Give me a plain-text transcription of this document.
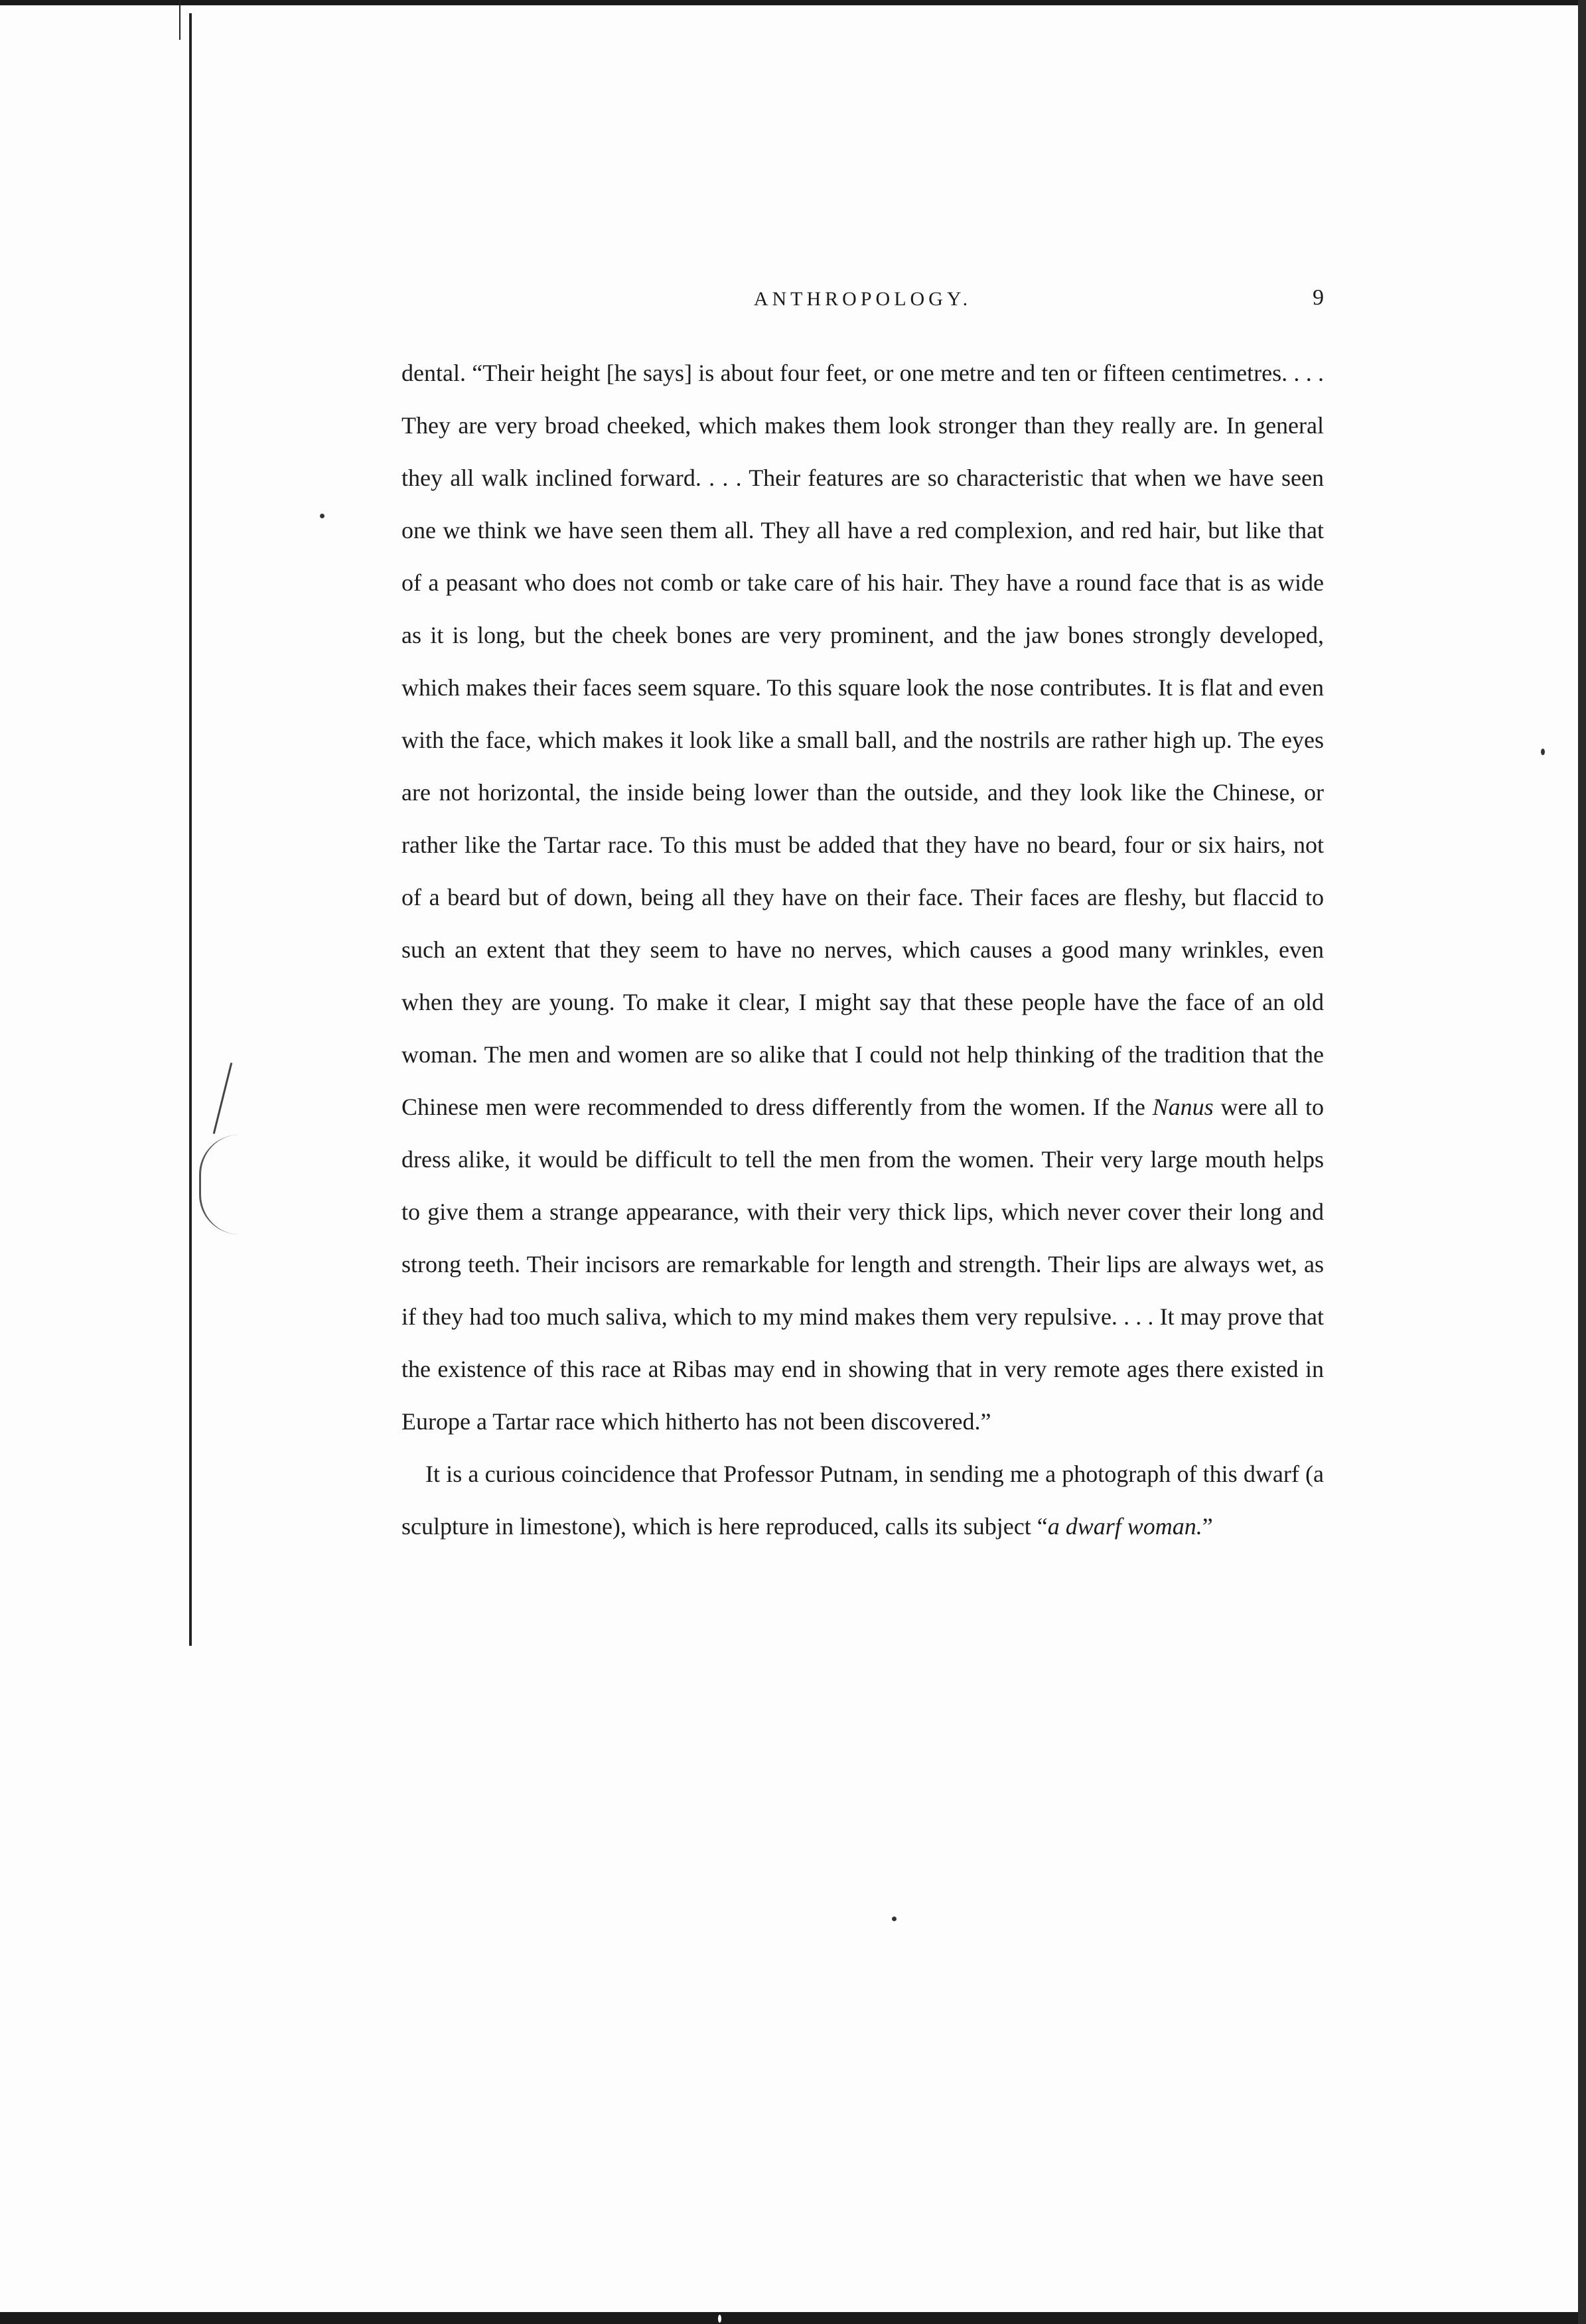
ANTHROPOLOGY.	9

dental. “Their height [he says] is about four feet, or one metre and ten or fifteen centimetres. . . . They are very broad cheeked, which makes them look stronger than they really are. In general they all walk inclined forward. . . . Their features are so characteristic that when we have seen one we think we have seen them all. They all have a red complexion, and red hair, but like that of a peasant who does not comb or take care of his hair. They have a round face that is as wide as it is long, but the cheek bones are very prominent, and the jaw bones strongly developed, which makes their faces seem square. To this square look the nose contributes. It is flat and even with the face, which makes it look like a small ball, and the nostrils are rather high up. The eyes are not horizontal, the inside being lower than the outside, and they look like the Chinese, or rather like the Tartar race. To this must be added that they have no beard, four or six hairs, not of a beard but of down, being all they have on their face. Their faces are fleshy, but flaccid to such an extent that they seem to have no nerves, which causes a good many wrinkles, even when they are young. To make it clear, I might say that these people have the face of an old woman. The men and women are so alike that I could not help thinking of the tradition that the Chinese men were recommended to dress differently from the women. If the Nanus were all to dress alike, it would be difficult to tell the men from the women. Their very large mouth helps to give them a strange appearance, with their very thick lips, which never cover their long and strong teeth. Their incisors are remarkable for length and strength. Their lips are always wet, as if they had too much saliva, which to my mind makes them very repulsive. . . . It may prove that the existence of this race at Ribas may end in showing that in very remote ages there existed in Europe a Tartar race which hitherto has not been discovered.”

It is a curious coincidence that Professor Putnam, in sending me a photograph of this dwarf (a sculpture in limestone), which is here reproduced, calls its subject “a dwarf woman.”
